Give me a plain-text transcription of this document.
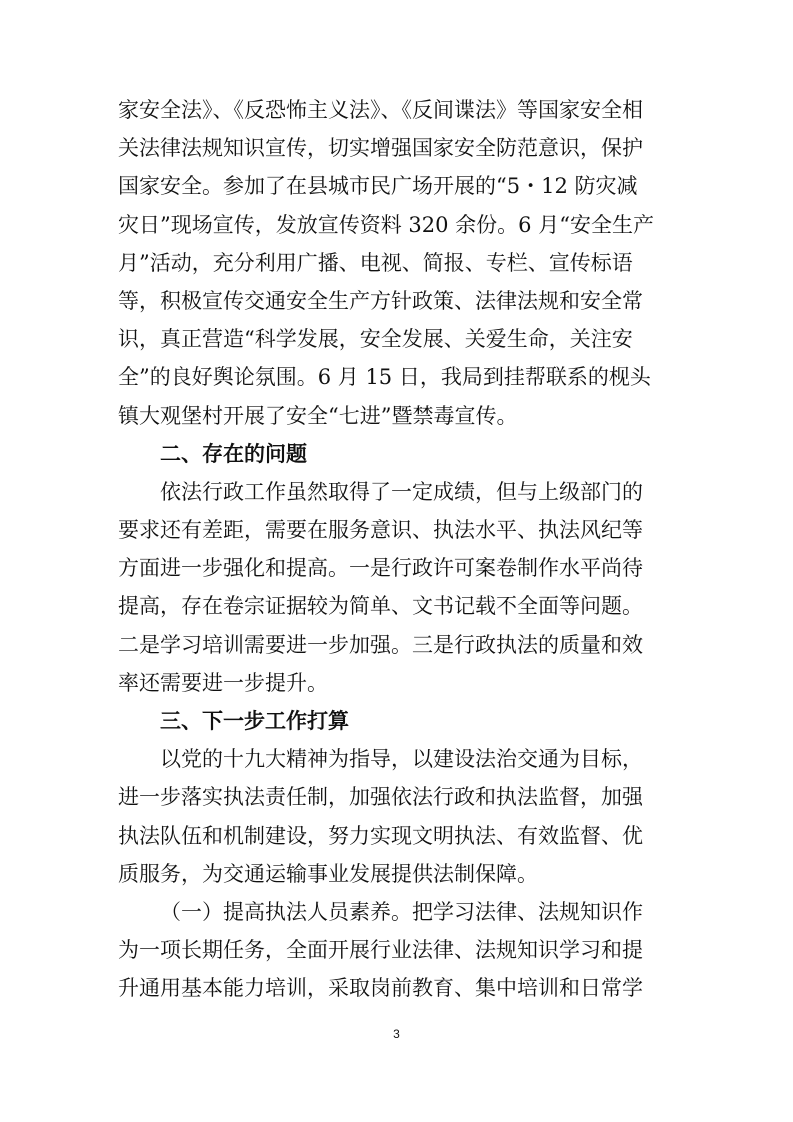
家安全法》、《反恐怖主义法》、《反间谍法》等国家安全相
关法律法规知识宣传，切实增强国家安全防范意识，保护
国家安全。参加了在县城市民广场开展的“5・12 防灾减
灾日”现场宣传，发放宣传资料 320 余份。6 月“安全生产
月”活动，充分利用广播、电视、简报、专栏、宣传标语
等，积极宣传交通安全生产方针政策、法律法规和安全常
识，真正营造“科学发展，安全发展、关爱生命，关注安
全”的良好舆论氛围。6 月 15 日，我局到挂帮联系的枧头
镇大观堡村开展了安全“七进”暨禁毒宣传。
二、存在的问题
依法行政工作虽然取得了一定成绩，但与上级部门的
要求还有差距，需要在服务意识、执法水平、执法风纪等
方面进一步强化和提高。一是行政许可案卷制作水平尚待
提高，存在卷宗证据较为简单、文书记载不全面等问题。
二是学习培训需要进一步加强。三是行政执法的质量和效
率还需要进一步提升。
三、下一步工作打算
以党的十九大精神为指导，以建设法治交通为目标，
进一步落实执法责任制，加强依法行政和执法监督，加强
执法队伍和机制建设，努力实现文明执法、有效监督、优
质服务，为交通运输事业发展提供法制保障。
（一）提高执法人员素养。把学习法律、法规知识作
为一项长期任务，全面开展行业法律、法规知识学习和提
升通用基本能力培训，采取岗前教育、集中培训和日常学
3
